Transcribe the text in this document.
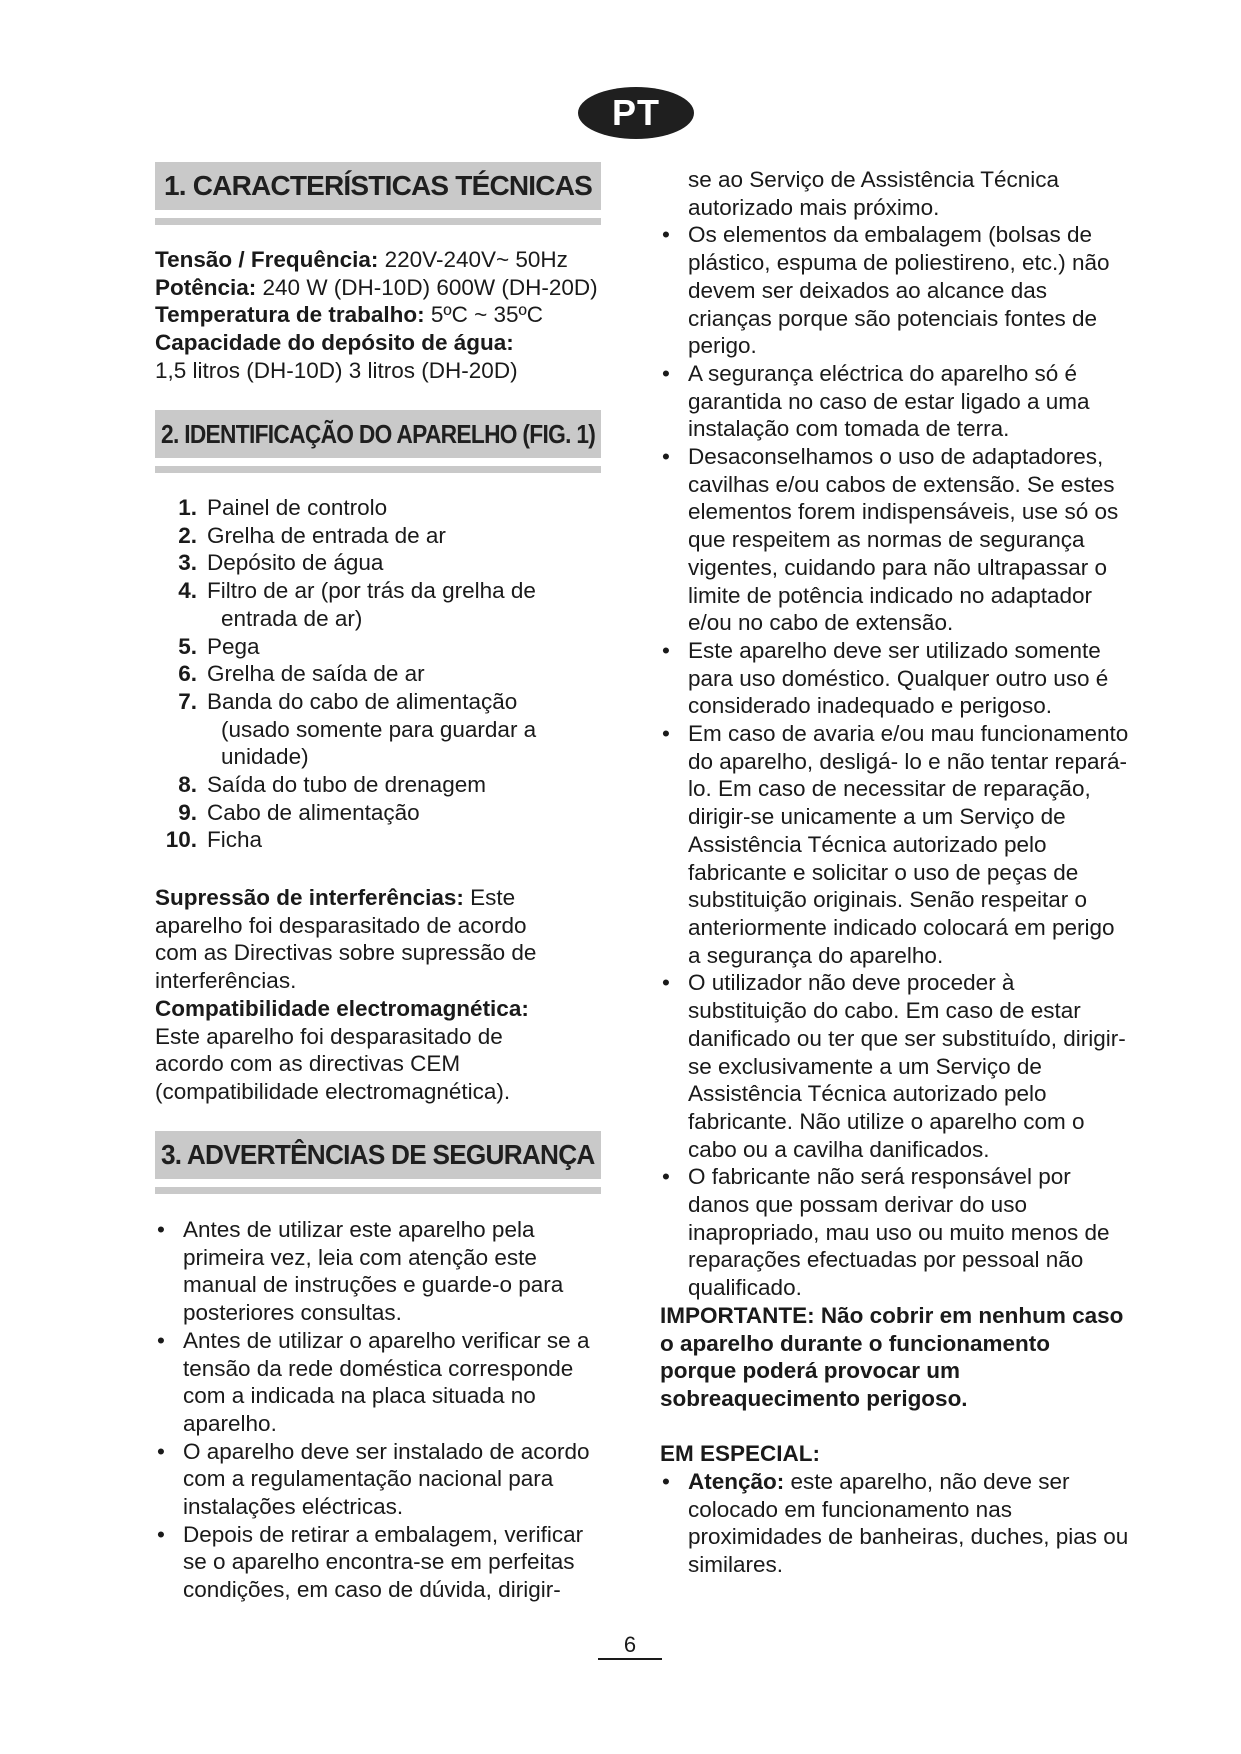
PT
1. CARACTERÍSTICAS TÉCNICAS

Tensão / Frequência: 220V-240V~ 50Hz

Potência: 240 W (DH-10D) 600W (DH-20D)

Temperatura de trabalho: 5ºC ~ 35ºC

Capacidade do depósito de água:

1,5 litros (DH-10D) 3 litros (DH-20D)

2. IDENTIFICAÇÃO DO APARELHO (FIG. 1)
1. Painel de controlo
2. Grelha de entrada de ar
3. Depósito de água
4. Filtro de ar (por trás da grelha de
entrada de ar)
5. Pega
6. Grelha de saída de ar
7. Banda do cabo de alimentação
(usado somente para guardar a unidade)
8. Saída do tubo de drenagem
9. Cabo de alimentação
10. Ficha

Supressão de interferências: Este aparelho foi desparasitado de acordo com as Directivas sobre supressão de interferências.

Compatibilidade electromagnética: Este aparelho foi desparasitado de acordo com as directivas CEM (compatibilidade electromagnética).

3. ADVERTÊNCIAS DE SEGURANÇA
• Antes de utilizar este aparelho pela primeira vez, leia com atenção este manual de instruções e guarde-o para posteriores consultas.
• Antes de utilizar o aparelho verificar se a tensão da rede doméstica corresponde com a indicada na placa situada no aparelho.
• O aparelho deve ser instalado de acordo com a regulamentação nacional para instalações eléctricas.
• Depois de retirar a embalagem, verificar se o aparelho encontra-se em perfeitas condições, em caso de dúvida, dirigir-

se ao Serviço de Assistência Técnica autorizado mais próximo.

• Os elementos da embalagem (bolsas de plástico, espuma de poliestireno, etc.) não devem ser deixados ao alcance das crianças porque são potenciais fontes de perigo.
• A segurança eléctrica do aparelho só é garantida no caso de estar ligado a uma instalação com tomada de terra.
• Desaconselhamos o uso de adaptadores, cavilhas e/ou cabos de extensão. Se estes elementos forem indispensáveis, use só os que respeitem as normas de segurança vigentes, cuidando para não ultrapassar o limite de potência indicado no adaptador e/ou no cabo de extensão.
• Este aparelho deve ser utilizado somente para uso doméstico. Qualquer outro uso é considerado inadequado e perigoso.
• Em caso de avaria e/ou mau funcionamento do aparelho, desligá- lo e não tentar repará-lo. Em caso de necessitar de reparação, dirigir-se unicamente a um Serviço de Assistência Técnica autorizado pelo fabricante e solicitar o uso de peças de substituição originais. Senão respeitar o anteriormente indicado colocará em perigo a segurança do aparelho.
• O utilizador não deve proceder à substituição do cabo. Em caso de estar danificado ou ter que ser substituído, dirigir-se exclusivamente a um Serviço de Assistência Técnica autorizado pelo fabricante. Não utilize o aparelho com o cabo ou a cavilha danificados.
• O fabricante não será responsável por danos que possam derivar do uso inapropriado, mau uso ou muito menos de reparações efectuadas por pessoal não qualificado.

IMPORTANTE: Não cobrir em nenhum caso o aparelho durante o funcionamento porque poderá provocar um sobreaquecimento perigoso.

EM ESPECIAL:

• Atenção: este aparelho, não deve ser colocado em funcionamento nas proximidades de banheiras, duches, pias ou similares.
6
